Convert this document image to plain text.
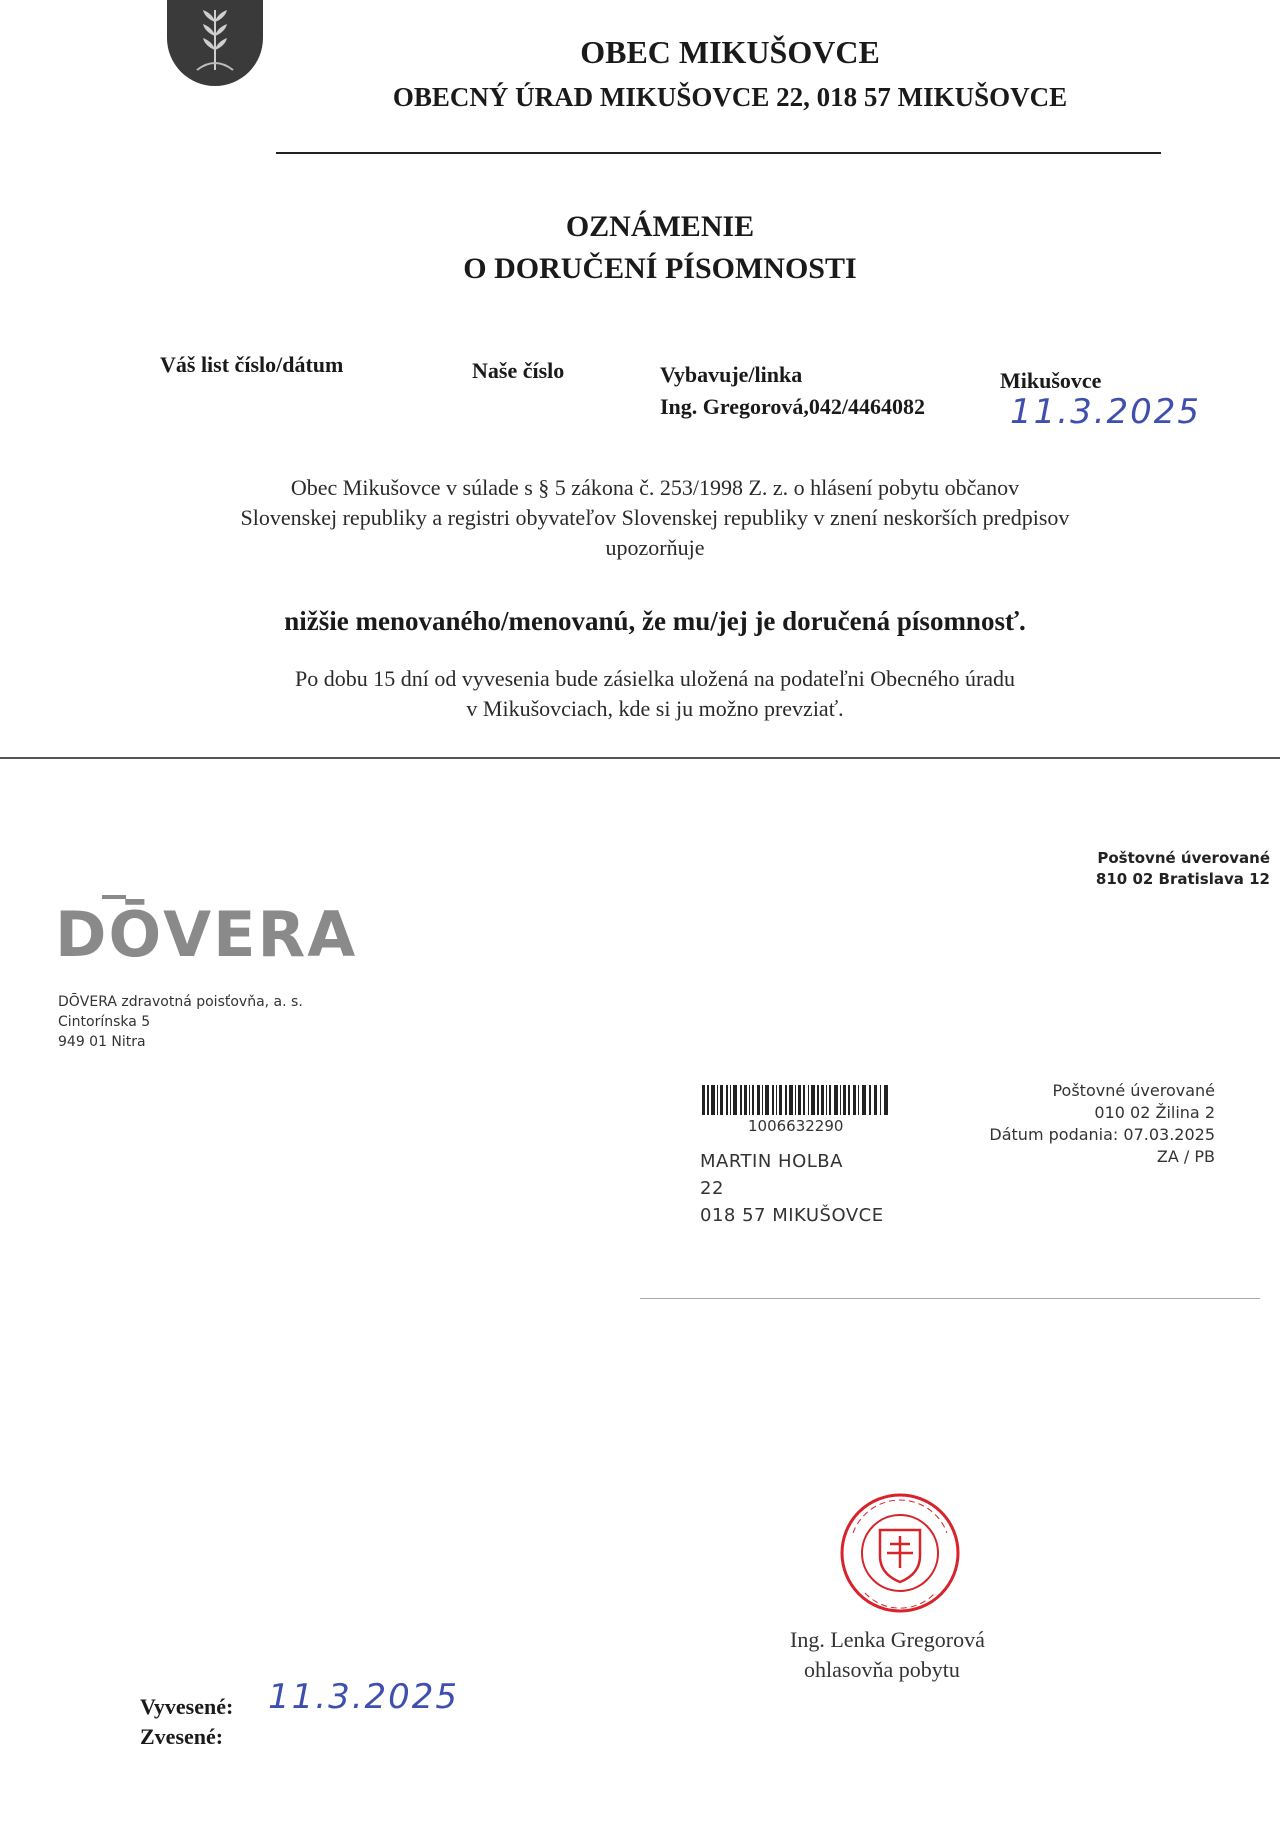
OBEC MIKUŠOVCE
OBECNÝ ÚRAD MIKUŠOVCE 22, 018 57 MIKUŠOVCE
OZNÁMENIE
O DORUČENÍ PÍSOMNOSTI
Váš list číslo/dátum	Naše číslo	Vybavuje/linka
Ing. Gregorová,042/4464082
Mikušovce
11.3.2025
Obec Mikušovce v súlade s § 5 zákona č. 253/1998 Z. z. o hlásení pobytu občanov
Slovenskej republiky a registri obyvateľov Slovenskej republiky v znení neskorších predpisov
upozorňuje
nižšie menovaného/menovanú, že mu/jej je doručená písomnosť.
Po dobu 15 dní od vyvesenia bude zásielka uložená na podateľni Obecného úradu
v Mikušovciach, kde si ju možno prevziať.
Poštovné úverované
810 02 Bratislava 12
DŌVERA
DŌVERA zdravotná poisťovňa, a. s.
Cintorínska 5
949 01 Nitra
1006632290
MARTIN HOLBA
22
018 57 MIKUŠOVCE
Poštovné úverované
010 02 Žilina 2
Dátum podania: 07.03.2025
ZA / PB
Ing. Lenka Gregorová
ohlasovňa pobytu
Vyvesené:
Zvesené:
11.3.2025
